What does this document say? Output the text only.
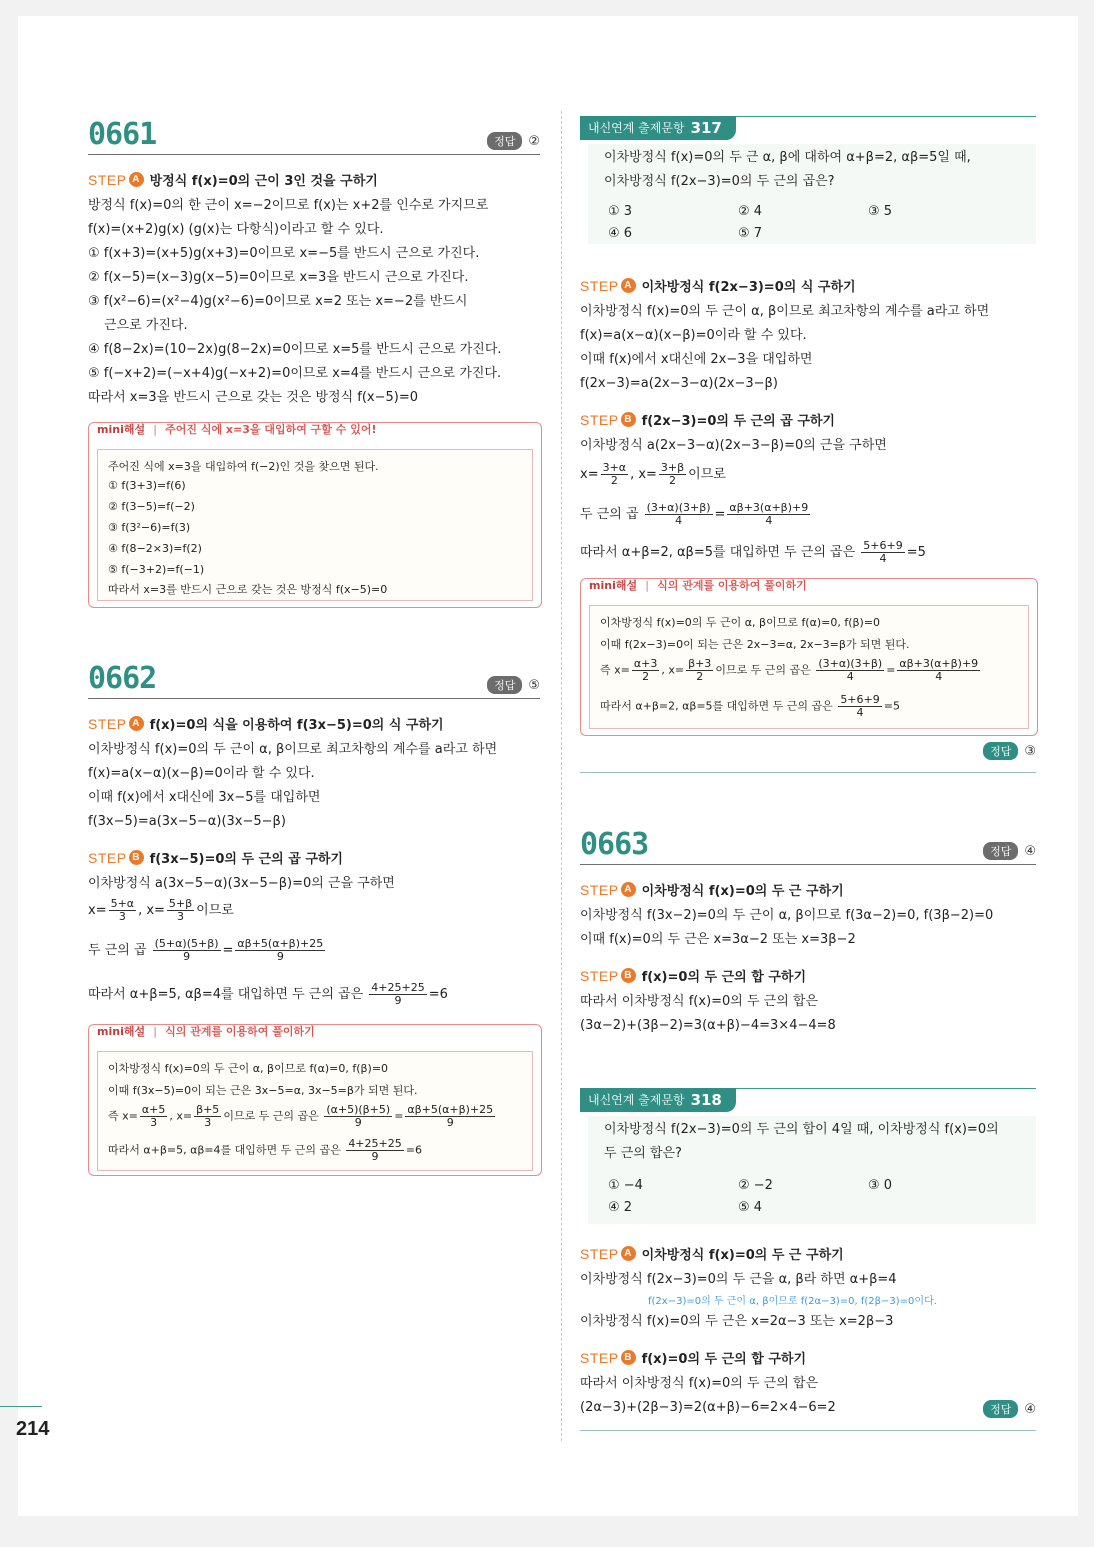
214
0661	정답	②
STEP A 방정식 f(x)=0의 근이 3인 것을 구하기
방정식 f(x)=0의 한 근이 x=−2이므로 f(x)는 x+2를 인수로 가지므로
f(x)=(x+2)g(x) (g(x)는 다항식)이라고 할 수 있다.
① f(x+3)=(x+5)g(x+3)=0이므로 x=−5를 반드시 근으로 가진다.
② f(x−5)=(x−3)g(x−5)=0이므로 x=3을 반드시 근으로 가진다.
③ f(x²−6)=(x²−4)g(x²−6)=0이므로 x=2 또는 x=−2를 반드시
근으로 가진다.
④ f(8−2x)=(10−2x)g(8−2x)=0이므로 x=5를 반드시 근으로 가진다.
⑤ f(−x+2)=(−x+4)g(−x+2)=0이므로 x=4를 반드시 근으로 가진다.
따라서 x=3을 반드시 근으로 갖는 것은 방정식 f(x−5)=0
mini해설 | 주어진 식에 x=3을 대입하여 구할 수 있어!
주어진 식에 x=3을 대입하여 f(−2)인 것을 찾으면 된다.
① f(3+3)=f(6)
② f(3−5)=f(−2)
③ f(3²−6)=f(3)
④ f(8−2×3)=f(2)
⑤ f(−3+2)=f(−1)
따라서 x=3를 반드시 근으로 갖는 것은 방정식 f(x−5)=0
0662	정답	⑤
STEP A f(x)=0의 식을 이용하여 f(3x−5)=0의 식 구하기
이차방정식 f(x)=0의 두 근이 α, β이므로 최고차항의 계수를 a라고 하면
f(x)=a(x−α)(x−β)=0이라 할 수 있다.
이때 f(x)에서 x대신에 3x−5를 대입하면
f(3x−5)=a(3x−5−α)(3x−5−β)
STEP B f(3x−5)=0의 두 근의 곱 구하기
이차방정식 a(3x−5−α)(3x−5−β)=0의 근을 구하면
$x= \frac{5+\alpha}{3}$ , $x= \frac{5+\beta}{3}$ 이므로
두 근의 곱 $\frac{(5+\alpha)(5+\beta)}{9} = \frac{\alpha\beta+5(\alpha+\beta)+25}{9}$
따라서 α+β=5, αβ=4를 대입하면 두 근의 곱은 $\frac{4+25+25}{9} =6$
mini해설 | 식의 관계를 이용하여 풀이하기
이차방정식 f(x)=0의 두 근이 α, β이므로 f(α)=0, f(β)=0
이때 f(3x−5)=0이 되는 근은 3x−5=α, 3x−5=β가 되면 된다.
즉 $x= \frac{\alpha+5}{3}$ , $x= \frac{\beta+5}{3}$ 이므로 두 근의 곱은 $\frac{(\alpha+5)(\beta+5)}{9} = \frac{\alpha\beta+5(\alpha+\beta)+25}{9}$
따라서 α+β=5, αβ=4를 대입하면 두 근의 곱은 $\frac{4+25+25}{9} =6$
내신연계 출제문항 317
이차방정식 f(x)=0의 두 근 α, β에 대하여 α+β=2, αβ=5일 때,
이차방정식 f(2x−3)=0의 두 근의 곱은?
① 3	② 4	③ 5
④ 6	⑤ 7
STEP A 이차방정식 f(2x−3)=0의 식 구하기
이차방정식 f(x)=0의 두 근이 α, β이므로 최고차항의 계수를 a라고 하면
f(x)=a(x−α)(x−β)=0이라 할 수 있다.
이때 f(x)에서 x대신에 2x−3을 대입하면
f(2x−3)=a(2x−3−α)(2x−3−β)
STEP B f(2x−3)=0의 두 근의 곱 구하기
이차방정식 a(2x−3−α)(2x−3−β)=0의 근을 구하면
$x= \frac{3+\alpha}{2}$ , $x= \frac{3+\beta}{2}$ 이므로
두 근의 곱 $\frac{(3+\alpha)(3+\beta)}{4} = \frac{\alpha\beta+3(\alpha+\beta)+9}{4}$
따라서 α+β=2, αβ=5를 대입하면 두 근의 곱은 $\frac{5+6+9}{4} =5$
mini해설 | 식의 관계를 이용하여 풀이하기
이차방정식 f(x)=0의 두 근이 α, β이므로 f(α)=0, f(β)=0
이때 f(2x−3)=0이 되는 근은 2x−3=α, 2x−3=β가 되면 된다.
즉 $x= \frac{\alpha+3}{2}$ , $x= \frac{\beta+3}{2}$ 이므로 두 근의 곱은 $\frac{(3+\alpha)(3+\beta)}{4} = \frac{\alpha\beta+3(\alpha+\beta)+9}{4}$
따라서 α+β=2, αβ=5를 대입하면 두 근의 곱은 $\frac{5+6+9}{4} =5$
정답	③
0663	정답	④
STEP A 이차방정식 f(x)=0의 두 근 구하기
이차방정식 f(3x−2)=0의 두 근이 α, β이므로 f(3α−2)=0, f(3β−2)=0
이때 f(x)=0의 두 근은 x=3α−2 또는 x=3β−2
STEP B f(x)=0의 두 근의 합 구하기
따라서 이차방정식 f(x)=0의 두 근의 합은
(3α−2)+(3β−2)=3(α+β)−4=3×4−4=8
내신연계 출제문항 318
이차방정식 f(2x−3)=0의 두 근의 합이 4일 때, 이차방정식 f(x)=0의
두 근의 합은?
① −4	② −2	③ 0
④ 2	⑤ 4
STEP A 이차방정식 f(x)=0의 두 근 구하기
이차방정식 f(2x−3)=0의 두 근을 α, β라 하면 α+β=4
f(2x−3)=0의 두 근이 α, β이므로 f(2α−3)=0, f(2β−3)=0이다.
이차방정식 f(x)=0의 두 근은 x=2α−3 또는 x=2β−3
STEP B f(x)=0의 두 근의 합 구하기
따라서 이차방정식 f(x)=0의 두 근의 합은
(2α−3)+(2β−3)=2(α+β)−6=2×4−6=2	정답	④
